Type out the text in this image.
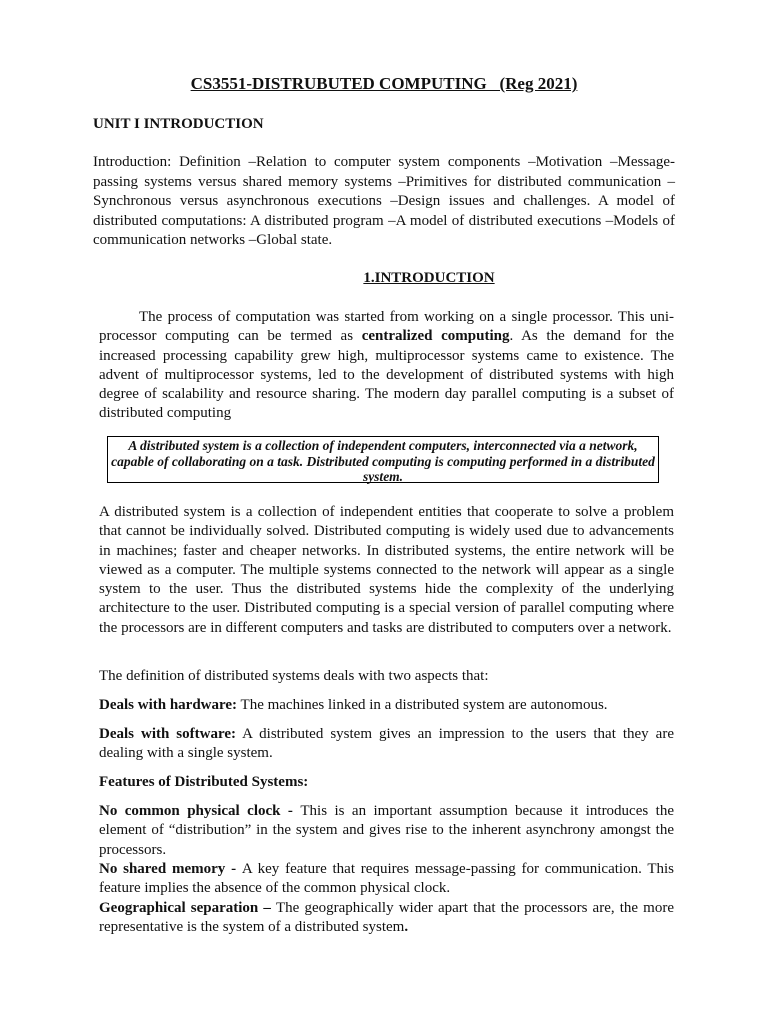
CS3551-DISTRUBUTED COMPUTING   (Reg 2021)
UNIT I INTRODUCTION

Introduction: Definition –Relation to computer system components –Motivation –Message-passing systems versus shared memory systems –Primitives for distributed communication –Synchronous versus asynchronous executions –Design issues and challenges. A model of distributed computations: A distributed program –A model of distributed executions –Models of communication networks –Global state.

1.INTRODUCTION

The process of computation was started from working on a single processor. This uni-processor computing can be termed as centralized computing. As the demand for the increased processing capability grew high, multiprocessor systems came to existence. The advent of multiprocessor systems, led to the development of distributed systems with high degree of scalability and resource sharing. The modern day parallel computing is a subset of distributed computing

A distributed system is a collection of independent computers, interconnected via a network, capable of collaborating on a task. Distributed computing is computing performed in a distributed system.

A distributed system is a collection of independent entities that cooperate to solve a problem that cannot be individually solved. Distributed computing is widely used due to advancements in machines; faster and cheaper networks. In distributed systems, the entire network will be viewed as a computer. The multiple systems connected to the network will appear as a single system to the user. Thus the distributed systems hide the complexity of the underlying architecture to the user. Distributed computing is a special version of parallel computing where the processors are in different computers and tasks are distributed to computers over a network.

The definition of distributed systems deals with two aspects that:

Deals with hardware: The machines linked in a distributed system are autonomous.

Deals with software: A distributed system gives an impression to the users that they are dealing with a single system.

Features of Distributed Systems:

No common physical clock - This is an important assumption because it introduces the element of “distribution” in the system and gives rise to the inherent asynchrony amongst the processors.

No shared memory - A key feature that requires message-passing for communication. This feature implies the absence of the common physical clock.

Geographical separation – The geographically wider apart that the processors are, the more representative is the system of a distributed system.
